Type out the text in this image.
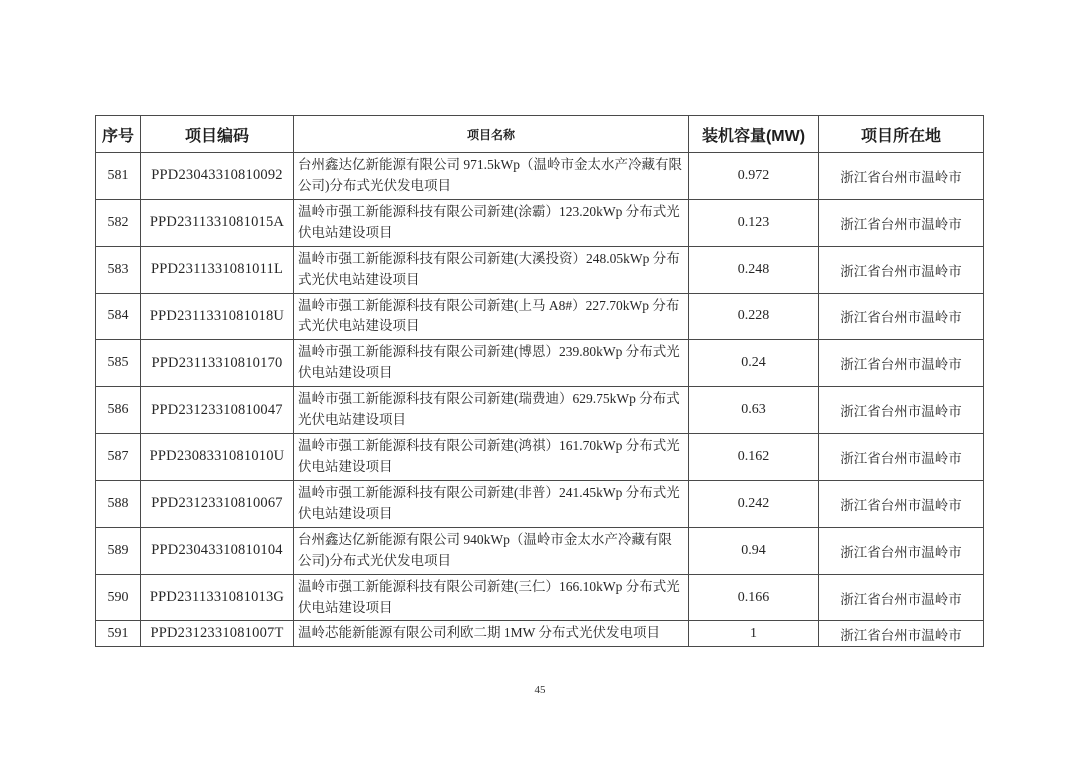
序号	项目编码	项目名称	装机容量(MW)	项目所在地
581	PPD23043310810092	台州鑫达亿新能源有限公司 971.5kWp（温岭市金太水产冷藏有限公司)分布式光伏发电项目	0.972	浙江省台州市温岭市
582	PPD2311331081015A	温岭市强工新能源科技有限公司新建(涂霸）123.20kWp 分布式光伏电站建设项目	0.123	浙江省台州市温岭市
583	PPD2311331081011L	温岭市强工新能源科技有限公司新建(大溪投资）248.05kWp 分布式光伏电站建设项目	0.248	浙江省台州市温岭市
584	PPD2311331081018U	温岭市强工新能源科技有限公司新建(上马 A8#）227.70kWp 分布式光伏电站建设项目	0.228	浙江省台州市温岭市
585	PPD23113310810170	温岭市强工新能源科技有限公司新建(博恩）239.80kWp 分布式光伏电站建设项目	0.24	浙江省台州市温岭市
586	PPD23123310810047	温岭市强工新能源科技有限公司新建(瑞费迪）629.75kWp 分布式光伏电站建设项目	0.63	浙江省台州市温岭市
587	PPD2308331081010U	温岭市强工新能源科技有限公司新建(鸿祺）161.70kWp 分布式光伏电站建设项目	0.162	浙江省台州市温岭市
588	PPD23123310810067	温岭市强工新能源科技有限公司新建(非普）241.45kWp 分布式光伏电站建设项目	0.242	浙江省台州市温岭市
589	PPD23043310810104	台州鑫达亿新能源有限公司 940kWp（温岭市金太水产冷藏有限公司)分布式光伏发电项目	0.94	浙江省台州市温岭市
590	PPD2311331081013G	温岭市强工新能源科技有限公司新建(三仁）166.10kWp 分布式光伏电站建设项目	0.166	浙江省台州市温岭市
591	PPD2312331081007T	温岭芯能新能源有限公司利欧二期 1MW 分布式光伏发电项目	1	浙江省台州市温岭市
45
